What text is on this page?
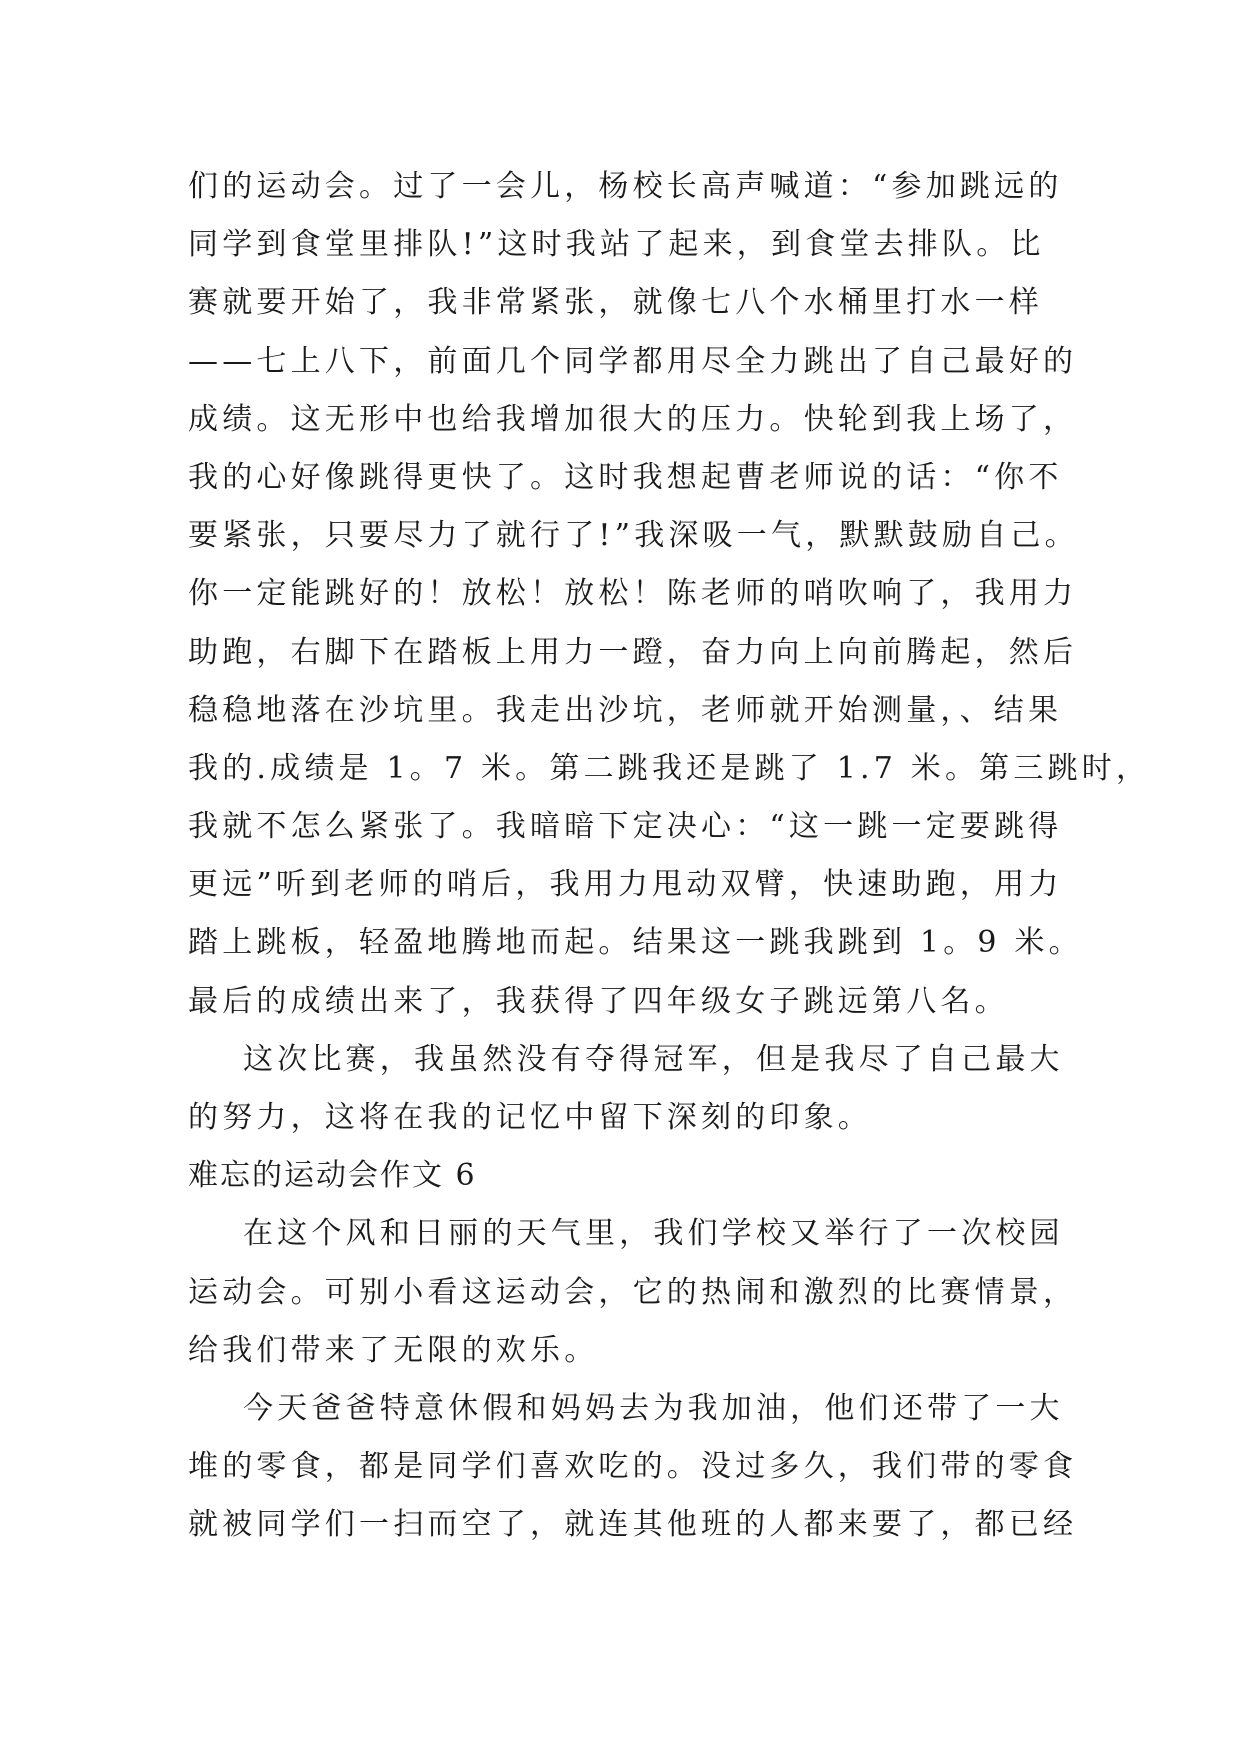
们的运动会。过了一会儿，杨校长高声喊道：“参加跳远的
同学到食堂里排队!”这时我站了起来，到食堂去排队。比
赛就要开始了，我非常紧张，就像七八个水桶里打水一样
——七上八下，前面几个同学都用尽全力跳出了自己最好的
成绩。这无形中也给我增加很大的压力。快轮到我上场了，
我的心好像跳得更快了。这时我想起曹老师说的话：“你不
要紧张，只要尽力了就行了!”我深吸一气，默默鼓励自己。
你一定能跳好的！放松！放松！陈老师的哨吹响了，我用力
助跑，右脚下在踏板上用力一蹬，奋力向上向前腾起，然后
稳稳地落在沙坑里。我走出沙坑，老师就开始测量，、结果
我的.成绩是 1。7 米。第二跳我还是跳了 1.7 米。第三跳时，
我就不怎么紧张了。我暗暗下定决心：“这一跳一定要跳得
更远”听到老师的哨后，我用力甩动双臂，快速助跑，用力
踏上跳板，轻盈地腾地而起。结果这一跳我跳到 1。9 米。
最后的成绩出来了，我获得了四年级女子跳远第八名。
这次比赛，我虽然没有夺得冠军，但是我尽了自己最大
的努力，这将在我的记忆中留下深刻的印象。
难忘的运动会作文 6
在这个风和日丽的天气里，我们学校又举行了一次校园
运动会。可别小看这运动会，它的热闹和激烈的比赛情景，
给我们带来了无限的欢乐。
今天爸爸特意休假和妈妈去为我加油，他们还带了一大
堆的零食，都是同学们喜欢吃的。没过多久，我们带的零食
就被同学们一扫而空了，就连其他班的人都来要了，都已经
